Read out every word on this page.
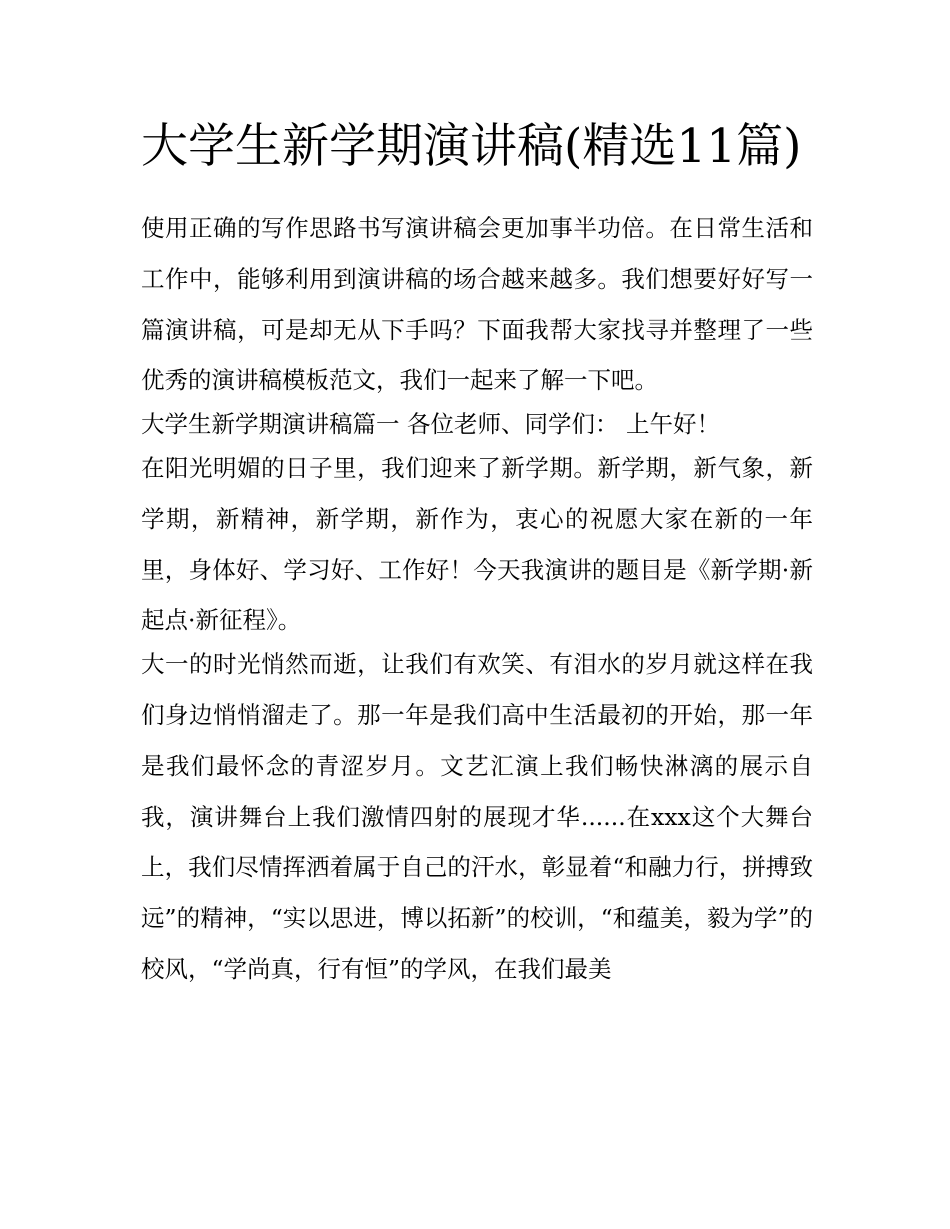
大学生新学期演讲稿(精选11篇)

使用正确的写作思路书写演讲稿会更加事半功倍。在日常生活和工作中，能够利用到演讲稿的场合越来越多。我们想要好好写一篇演讲稿，可是却无从下手吗？下面我帮大家找寻并整理了一些优秀的演讲稿模板范文，我们一起来了解一下吧。

大学生新学期演讲稿篇一 各位老师、同学们： 上午好！

在阳光明媚的日子里，我们迎来了新学期。新学期，新气象，新学期，新精神，新学期，新作为，衷心的祝愿大家在新的一年里，身体好、学习好、工作好！今天我演讲的题目是《新学期·新起点·新征程》。

大一的时光悄然而逝，让我们有欢笑、有泪水的岁月就这样在我们身边悄悄溜走了。那一年是我们高中生活最初的开始，那一年是我们最怀念的青涩岁月。文艺汇演上我们畅快淋漓的展示自我，演讲舞台上我们激情四射的展现才华......在xxx这个大舞台上，我们尽情挥洒着属于自己的汗水，彰显着“和融力行，拼搏致远”的精神，“实以思进，博以拓新”的校训，“和蕴美，毅为学”的校风，“学尚真，行有恒”的学风，在我们最美
